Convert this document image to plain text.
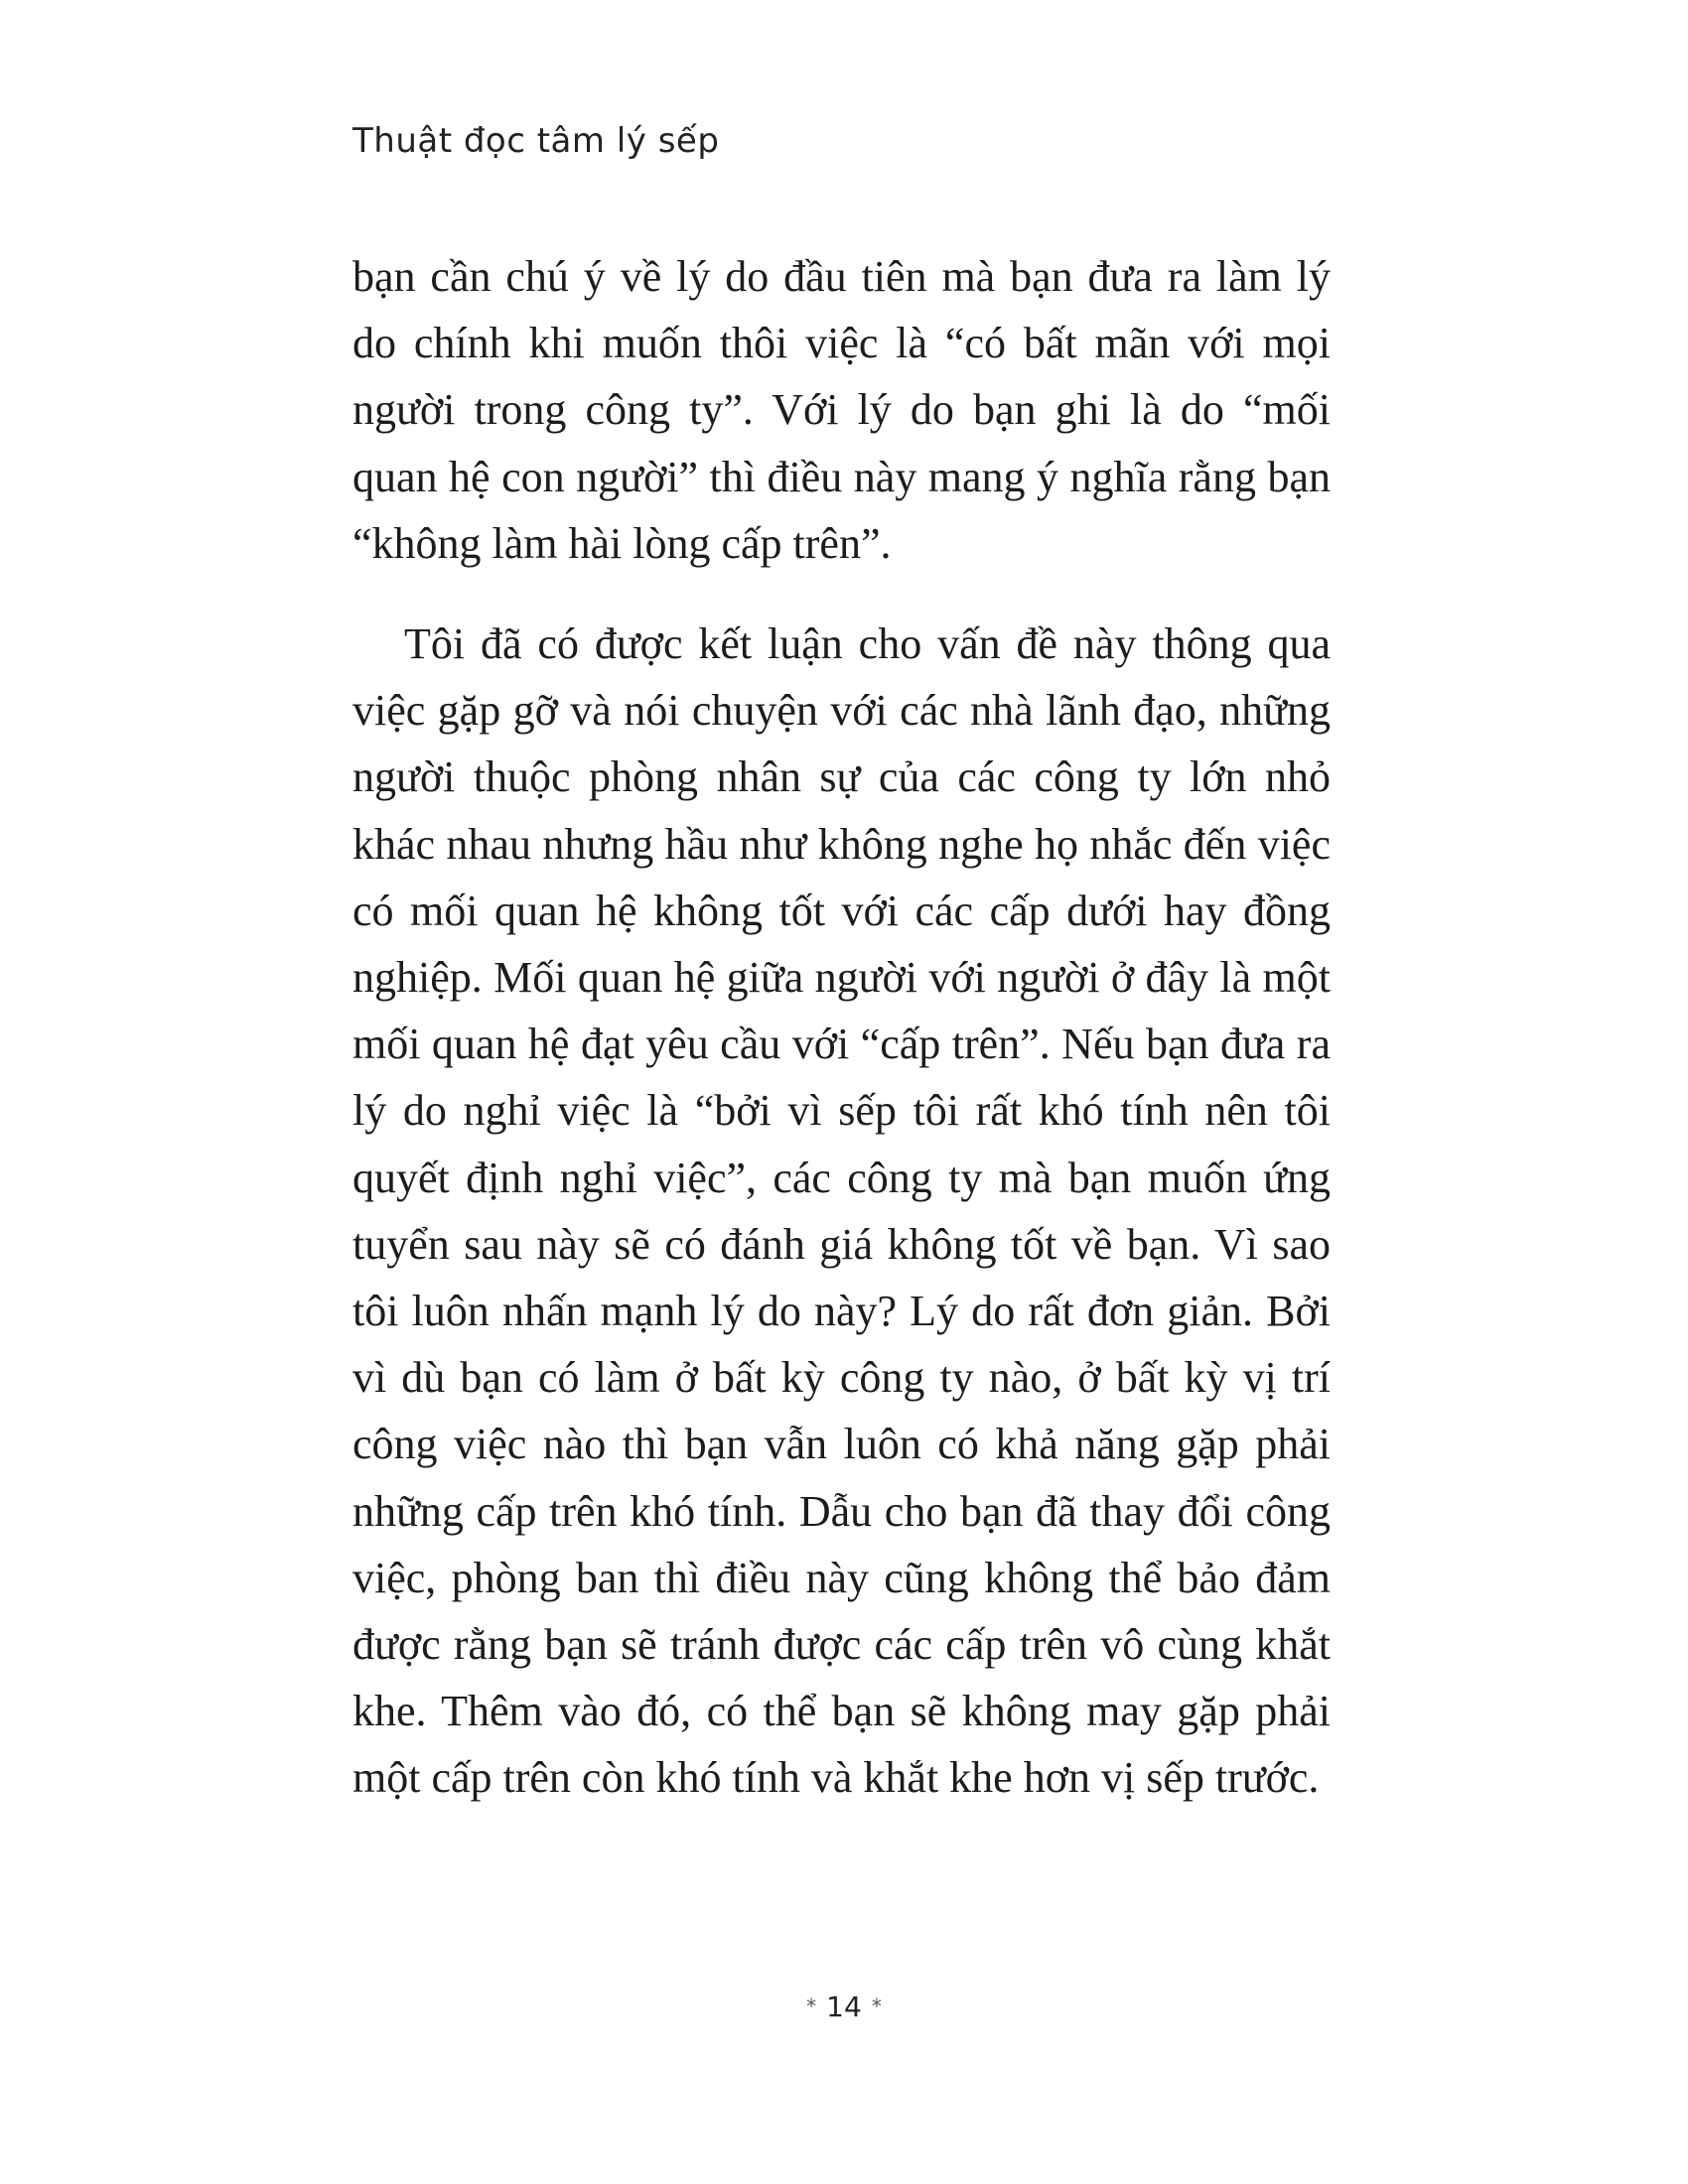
Thuật đọc tâm lý sếp

bạn cần chú ý về lý do đầu tiên mà bạn đưa ra làm lý do chính khi muốn thôi việc là “có bất mãn với mọi người trong công ty”. Với lý do bạn ghi là do “mối quan hệ con người” thì điều này mang ý nghĩa rằng bạn “không làm hài lòng cấp trên”.

Tôi đã có được kết luận cho vấn đề này thông qua việc gặp gỡ và nói chuyện với các nhà lãnh đạo, những người thuộc phòng nhân sự của các công ty lớn nhỏ khác nhau nhưng hầu như không nghe họ nhắc đến việc có mối quan hệ không tốt với các cấp dưới hay đồng nghiệp. Mối quan hệ giữa người với người ở đây là một mối quan hệ đạt yêu cầu với “cấp trên”. Nếu bạn đưa ra lý do nghỉ việc là “bởi vì sếp tôi rất khó tính nên tôi quyết định nghỉ việc”, các công ty mà bạn muốn ứng tuyển sau này sẽ có đánh giá không tốt về bạn. Vì sao tôi luôn nhấn mạnh lý do này? Lý do rất đơn giản. Bởi vì dù bạn có làm ở bất kỳ công ty nào, ở bất kỳ vị trí công việc nào thì bạn vẫn luôn có khả năng gặp phải những cấp trên khó tính. Dẫu cho bạn đã thay đổi công việc, phòng ban thì điều này cũng không thể bảo đảm được rằng bạn sẽ tránh được các cấp trên vô cùng khắt khe. Thêm vào đó, có thể bạn sẽ không may gặp phải một cấp trên còn khó tính và khắt khe hơn vị sếp trước.

* 14 *
